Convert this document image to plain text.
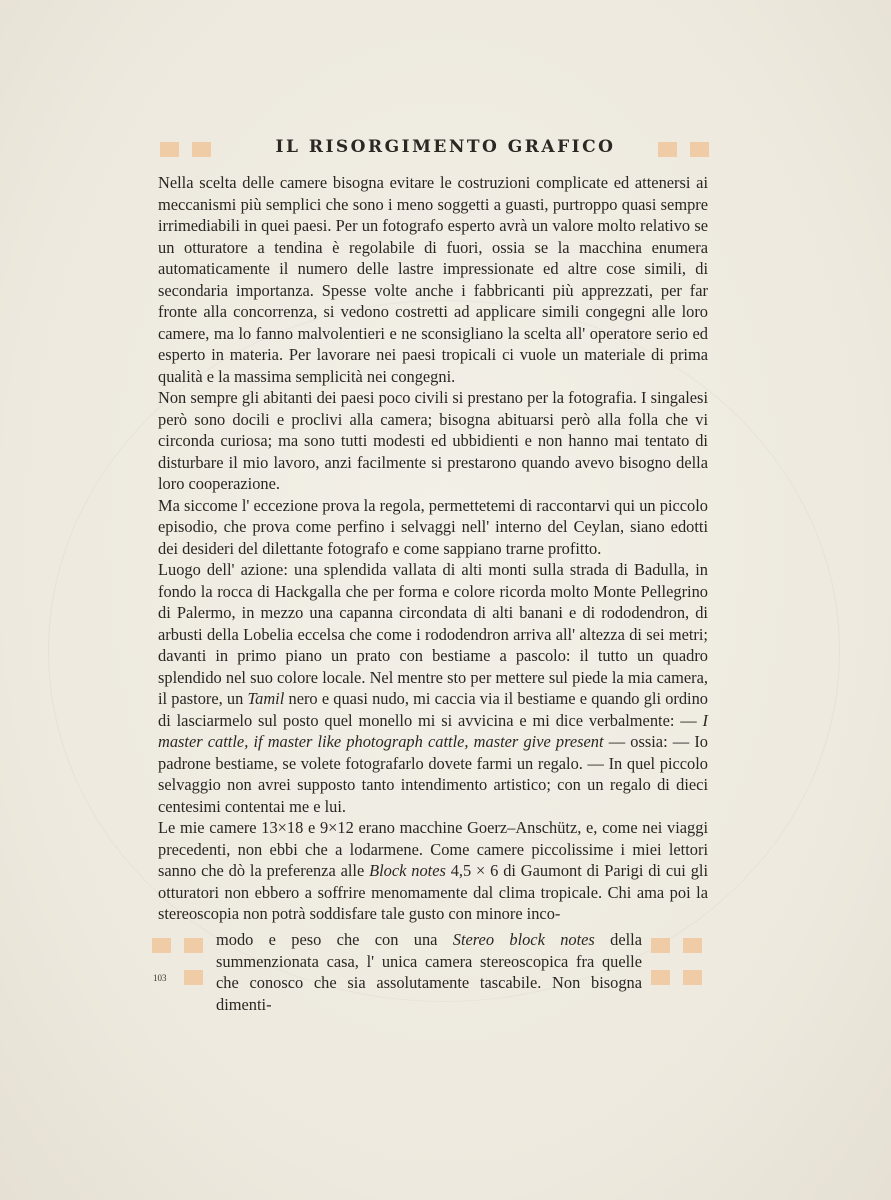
IL RISORGIMENTO GRAFICO

Nella scelta delle camere bisogna evitare le costruzioni complicate ed attenersi ai meccanismi più semplici che sono i meno soggetti a guasti, purtroppo quasi sempre irrimediabili in quei paesi. Per un fotografo esperto avrà un valore molto relativo se un otturatore a tendina è regolabile di fuori, ossia se la macchina enumera automaticamente il numero delle lastre impressionate ed altre cose simili, di secondaria importanza. Spesse volte anche i fabbricanti più apprezzati, per far fronte alla concorrenza, si vedono costretti ad applicare simili congegni alle loro camere, ma lo fanno malvolentieri e ne sconsigliano la scelta all' operatore serio ed esperto in materia. Per lavorare nei paesi tropicali ci vuole un materiale di prima qualità e la massima semplicità nei congegni.

Non sempre gli abitanti dei paesi poco civili si prestano per la fotografia. I singalesi però sono docili e proclivi alla camera; bisogna abituarsi però alla folla che vi circonda curiosa; ma sono tutti modesti ed ubbidienti e non hanno mai tentato di disturbare il mio lavoro, anzi facilmente si prestarono quando avevo bisogno della loro cooperazione.

Ma siccome l' eccezione prova la regola, permettetemi di raccontarvi qui un piccolo episodio, che prova come perfino i selvaggi nell' interno del Ceylan, siano edotti dei desideri del dilettante fotografo e come sappiano trarne profitto.

Luogo dell' azione: una splendida vallata di alti monti sulla strada di Badulla, in fondo la rocca di Hackgalla che per forma e colore ricorda molto Monte Pellegrino di Palermo, in mezzo una capanna circondata di alti banani e di rododendron, di arbusti della Lobelia eccelsa che come i rododendron arriva all' altezza di sei metri; davanti in primo piano un prato con bestiame a pascolo: il tutto un quadro splendido nel suo colore locale. Nel mentre sto per mettere sul piede la mia camera, il pastore, un Tamil nero e quasi nudo, mi caccia via il bestiame e quando gli ordino di lasciarmelo sul posto quel monello mi si avvicina e mi dice verbalmente: — I master cattle, if master like photograph cattle, master give present — ossia: — Io padrone bestiame, se volete fotografarlo dovete farmi un regalo. — In quel piccolo selvaggio non avrei supposto tanto intendimento artistico; con un regalo di dieci centesimi contentai me e lui.

Le mie camere 13×18 e 9×12 erano macchine Goerz–Anschütz, e, come nei viaggi precedenti, non ebbi che a lodarmene. Come camere piccolissime i miei lettori sanno che dò la preferenza alle Block notes 4,5 × 6 di Gaumont di Parigi di cui gli otturatori non ebbero a soffrire menomamente dal clima tropicale. Chi ama poi la stereoscopia non potrà soddisfare tale gusto con minore inco-

103

modo e peso che con una Stereo block notes della summenzionata casa, l' unica camera stereoscopica fra quelle che conosco che sia assolutamente tascabile. Non bisogna dimenti-
